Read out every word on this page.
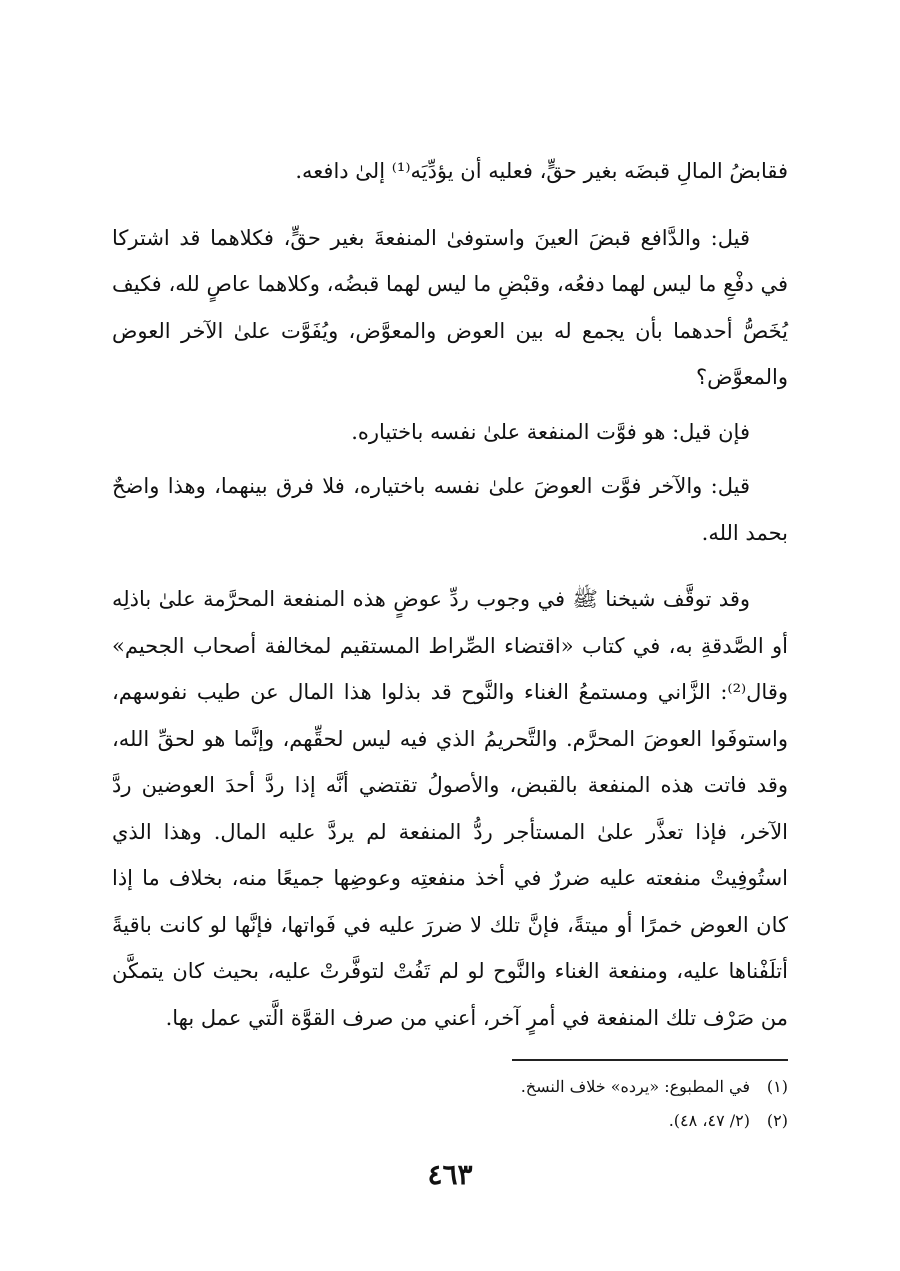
فقابضُ المالِ قبضَه بغير حقٍّ، فعليه أن يؤدِّيَه⁽¹⁾ إلىٰ دافعه.

قيل: والدَّافع قبضَ العينَ واستوفىٰ المنفعةَ بغير حقٍّ، فكلاهما قد اشتركا في دفْعِ ما ليس لهما دفعُه، وقبْضِ ما ليس لهما قبضُه، وكلاهما عاصٍ لله، فكيف يُخَصُّ أحدهما بأن يجمع له بين العوض والمعوَّض، ويُفَوَّت علىٰ الآخر العوض والمعوَّض؟

فإن قيل: هو فوَّت المنفعة علىٰ نفسه باختياره.

قيل: والآخر فوَّت العوضَ علىٰ نفسه باختياره، فلا فرق بينهما، وهذا واضحٌ بحمد الله.

وقد توقَّف شيخنا ﷺ في وجوب ردِّ عوضٍ هذه المنفعة المحرَّمة علىٰ باذلِه أو الصَّدقةِ به، في كتاب «اقتضاء الصِّراط المستقيم لمخالفة أصحاب الجحيم» وقال⁽²⁾: الزَّاني ومستمعُ الغناء والنَّوح قد بذلوا هذا المال عن طيب نفوسهم، واستوفَوا العوضَ المحرَّم. والتَّحريمُ الذي فيه ليس لحقِّهم، وإنَّما هو لحقِّ الله، وقد فاتت هذه المنفعة بالقبض، والأصولُ تقتضي أنَّه إذا ردَّ أحدَ العوضين ردَّ الآخر، فإذا تعذَّر علىٰ المستأجر ردُّ المنفعة لم يردَّ عليه المال. وهذا الذي استُوفِيتْ منفعته عليه ضررٌ في أخذ منفعتِه وعوضِها جميعًا منه، بخلاف ما إذا كان العوض خمرًا أو ميتةً، فإنَّ تلك لا ضررَ عليه في فَواتها، فإنَّها لو كانت باقيةً أتلَفْناها عليه، ومنفعة الغناء والنَّوح لو لم تَفُتْ لتوفَّرتْ عليه، بحيث كان يتمكَّن من صَرْف تلك المنفعة في أمرٍ آخر، أعني من صرف القوَّة الَّتي عمل بها.

(١)
في المطبوع: «يرده» خلاف النسخ.
(٢)
(٢/ ٤٧، ٤٨).
٤٦٣
